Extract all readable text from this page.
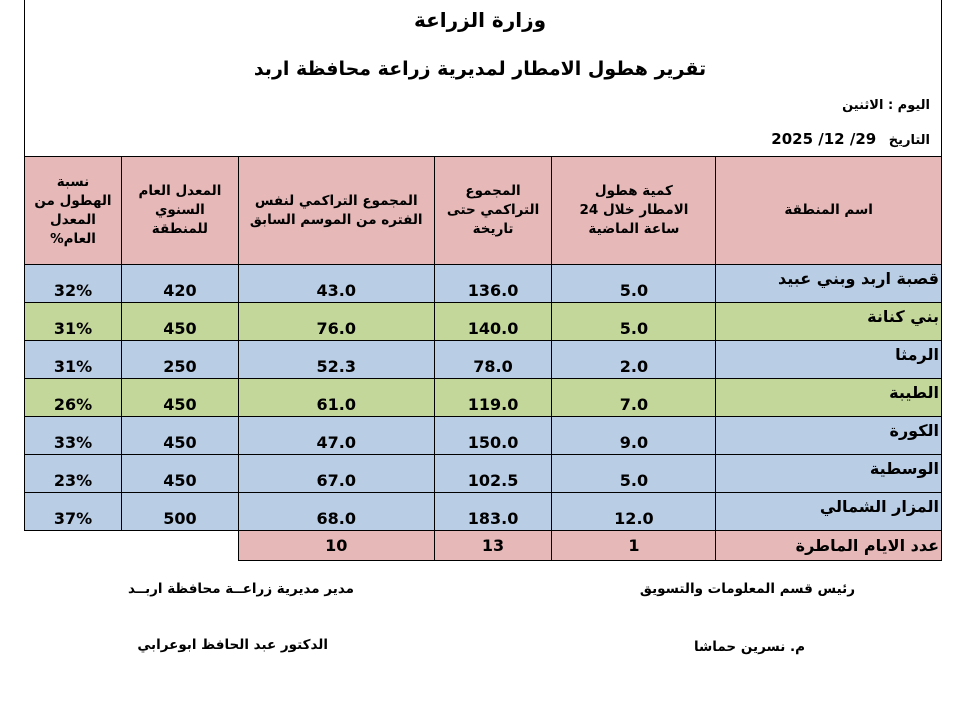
وزارة الزراعة
تقرير هطول الامطار لمديرية زراعة محافظة اربد
اليوم : الاثنين
التاريخ 2025 /12 /29
اسم المنطقة	كمية هطول الامطار خلال 24 ساعة الماضية	المجموع التراكمي حتى تاريخة	المجموع التراكمي لنفس الفتره من الموسم السابق	المعدل العام السنوي للمنطقة	نسبة الهطول من المعدل العام%
قصبة اربد وبني عبيد	5.0	136.0	43.0	420	32%
بني كنانة	5.0	140.0	76.0	450	31%
الرمثا	2.0	78.0	52.3	250	31%
الطيبة	7.0	119.0	61.0	450	26%
الكورة	9.0	150.0	47.0	450	33%
الوسطية	5.0	102.5	67.0	450	23%
المزار الشمالي	12.0	183.0	68.0	500	37%
عدد الايام الماطرة	1	13	10		
رئيس قسم المعلومات والتسويق
م. نسرين حماشا
مدير مديرية زراعــة محافظة اربــد
الدكتور عبد الحافظ ابوعرابي
